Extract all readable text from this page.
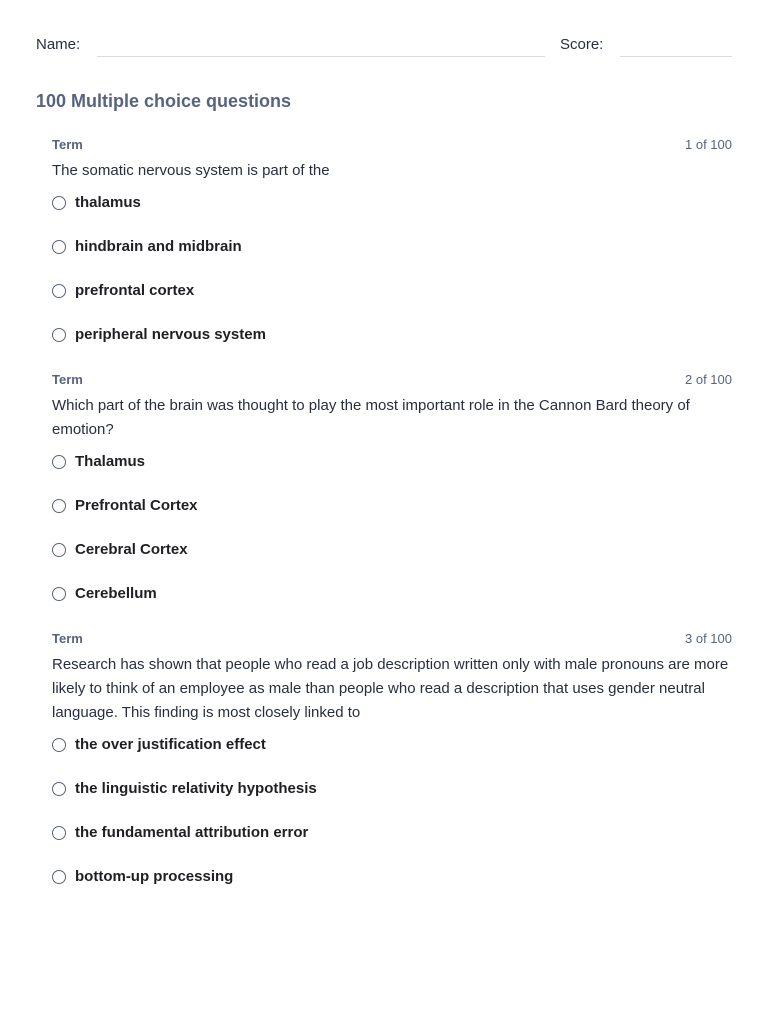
Name:	Score:
100 Multiple choice questions
Term	1 of 100
The somatic nervous system is part of the
thalamus
hindbrain and midbrain
prefrontal cortex
peripheral nervous system
Term	2 of 100
Which part of the brain was thought to play the most important role in the Cannon Bard theory of emotion?
Thalamus
Prefrontal Cortex
Cerebral Cortex
Cerebellum
Term	3 of 100
Research has shown that people who read a job description written only with male pronouns are more likely to think of an employee as male than people who read a description that uses gender neutral language. This finding is most closely linked to
the over justification effect
the linguistic relativity hypothesis
the fundamental attribution error
bottom-up processing
